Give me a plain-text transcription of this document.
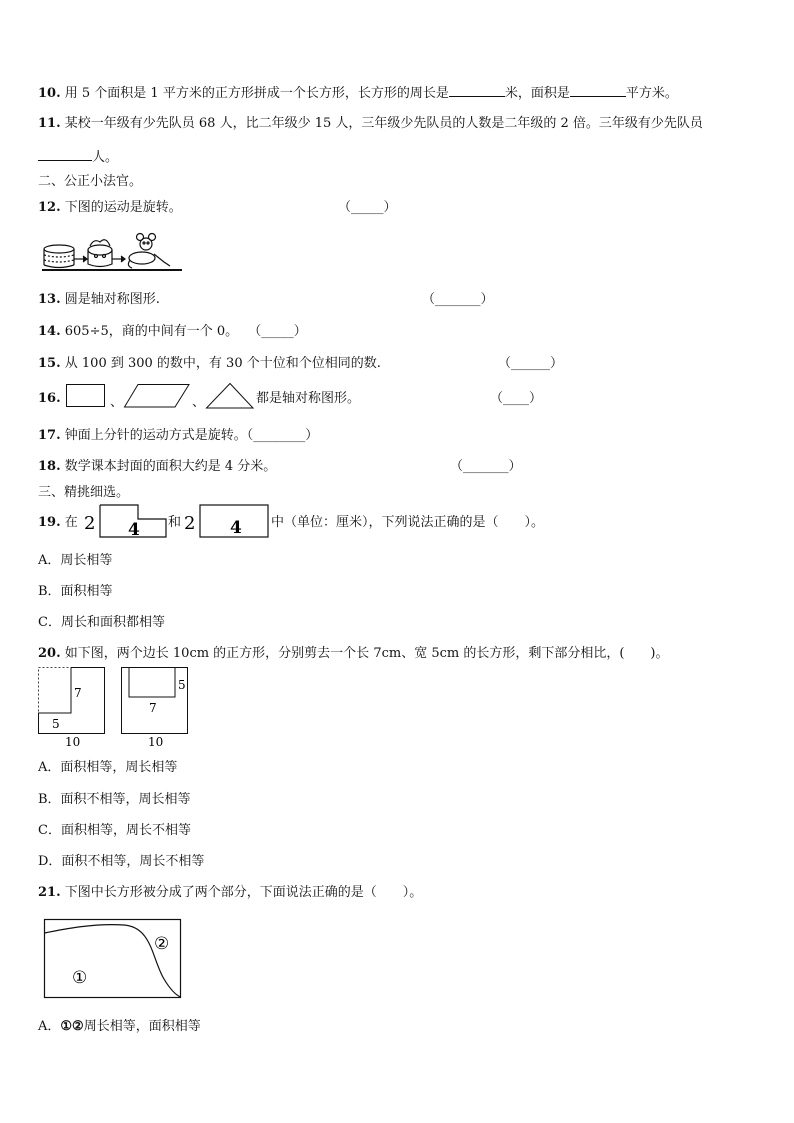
10. 用 5 个面积是 1 平方米的正方形拼成一个长方形，长方形的周长是	米，面积是	平方米。
11. 某校一年级有少先队员 68 人，比二年级少 15 人，三年级少先队员的人数是二年级的 2 倍。三年级有少先队员
人。
二、公正小法官。
12. 下图的运动是旋转。	（_____）
13. 圆是轴对称图形.	（_______）
14. 605÷5，商的中间有一个 0。 （_____）
15. 从 100 到 300 的数中，有 30 个十位和个位相同的数.	（______）
16.	、	、	都是轴对称图形。	（____）
17. 钟面上分针的运动方式是旋转。（________）
18. 数学课本封面的面积大约是 4 分米。	（_______）
三、精挑细选。
19. 在 2 4 和 2 4 中（单位：厘米），下列说法正确的是（　　）。
A．周长相等
B．面积相等
C．周长和面积都相等
20. 如下图，两个边长 10cm 的正方形，分别剪去一个长 7cm、宽 5cm 的长方形，剩下部分相比，(　　)。
7
5
10
5
7
10
A．面积相等，周长相等
B．面积不相等，周长相等
C．面积相等，周长不相等
D．面积不相等，周长不相等
21. 下图中长方形被分成了两个部分，下面说法正确的是（　　）。
①
②
A．①②周长相等，面积相等
